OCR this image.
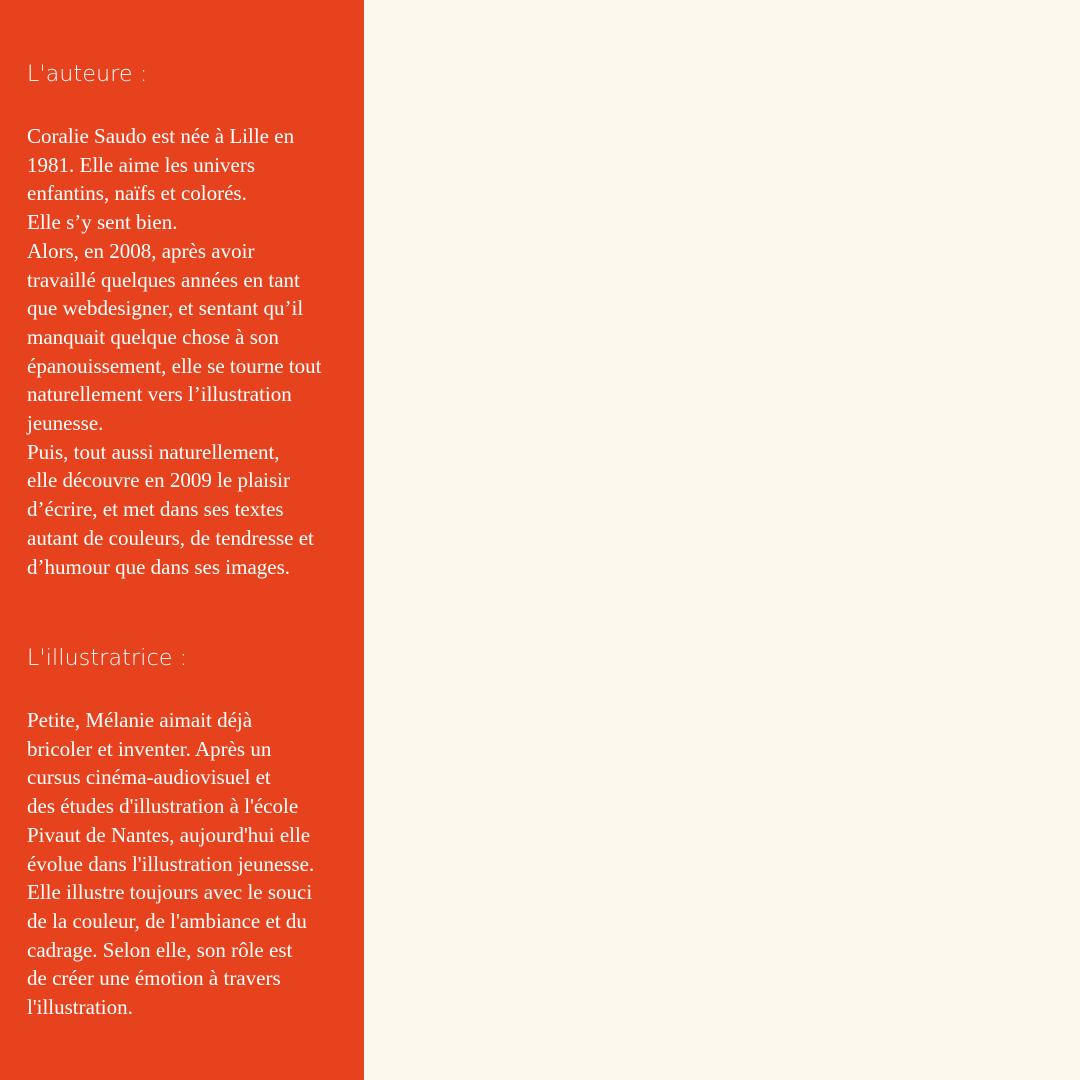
L'auteure :
Coralie Saudo est née à Lille en
1981. Elle aime les univers
enfantins, naïfs et colorés.
Elle s’y sent bien.
Alors, en 2008, après avoir
travaillé quelques années en tant
que webdesigner, et sentant qu’il
manquait quelque chose à son
épanouissement, elle se tourne tout
naturellement vers l’illustration
jeunesse.
Puis, tout aussi naturellement,
elle découvre en 2009 le plaisir
d’écrire, et met dans ses textes
autant de couleurs, de tendresse et
d’humour que dans ses images.
L'illustratrice :
Petite, Mélanie aimait déjà
bricoler et inventer. Après un
cursus cinéma-audiovisuel et
des études d'illustration à l'école
Pivaut de Nantes, aujourd'hui elle
évolue dans l'illustration jeunesse.
Elle illustre toujours avec le souci
de la couleur, de l'ambiance et du
cadrage. Selon elle, son rôle est
de créer une émotion à travers
l'illustration.
